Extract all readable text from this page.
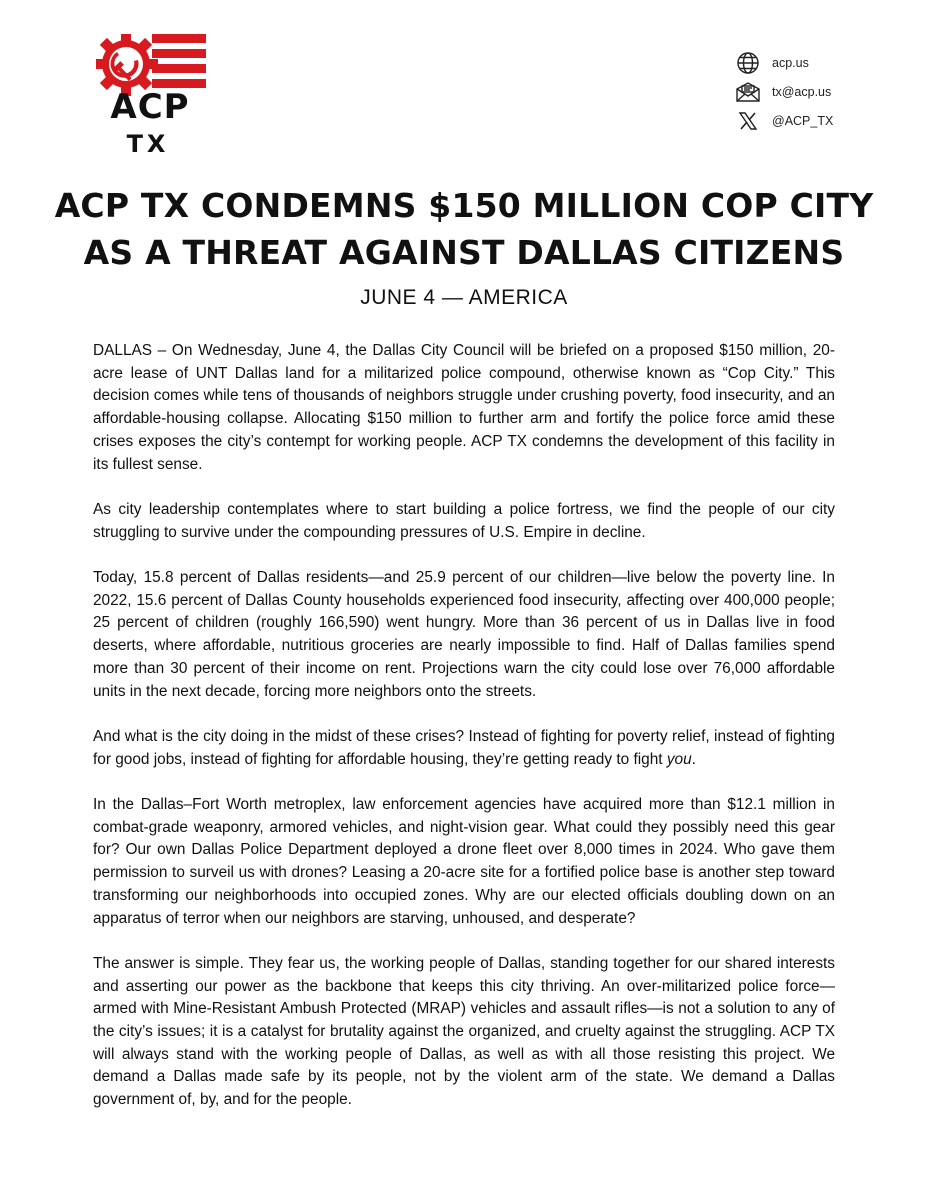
ACP
TX
acp.us
tx@acp.us
@ACP_TX
ACP TX CONDEMNS $150 MILLION COP CITY
AS A THREAT AGAINST DALLAS CITIZENS
JUNE 4 — AMERICA

DALLAS – On Wednesday, June 4, the Dallas City Council will be briefed on a proposed $150 million, 20-acre lease of UNT Dallas land for a militarized police compound, otherwise known as “Cop City.” This decision comes while tens of thousands of neighbors struggle under crushing poverty, food insecurity, and an affordable-housing collapse. Allocating $150 million to further arm and fortify the police force amid these crises exposes the city’s contempt for working people. ACP TX condemns the development of this facility in its fullest sense.

As city leadership contemplates where to start building a police fortress, we find the people of our city struggling to survive under the compounding pressures of U.S. Empire in decline.

Today, 15.8 percent of Dallas residents—and 25.9 percent of our children—live below the poverty line. In 2022, 15.6 percent of Dallas County households experienced food insecurity, affecting over 400,000 people; 25 percent of children (roughly 166,590) went hungry. More than 36 percent of us in Dallas live in food deserts, where affordable, nutritious groceries are nearly impossible to find. Half of Dallas families spend more than 30 percent of their income on rent. Projections warn the city could lose over 76,000 affordable units in the next decade, forcing more neighbors onto the streets.

And what is the city doing in the midst of these crises? Instead of fighting for poverty relief, instead of fighting for good jobs, instead of fighting for affordable housing, they’re getting ready to fight you.

In the Dallas–Fort Worth metroplex, law enforcement agencies have acquired more than $12.1 million in combat-grade weaponry, armored vehicles, and night-vision gear. What could they possibly need this gear for? Our own Dallas Police Department deployed a drone fleet over 8,000 times in 2024. Who gave them permission to surveil us with drones? Leasing a 20-acre site for a fortified police base is another step toward transforming our neighborhoods into occupied zones. Why are our elected officials doubling down on an apparatus of terror when our neighbors are starving, unhoused, and desperate?

The answer is simple. They fear us, the working people of Dallas, standing together for our shared interests and asserting our power as the backbone that keeps this city thriving. An over-militarized police force—armed with Mine-Resistant Ambush Protected (MRAP) vehicles and assault rifles—is not a solution to any of the city’s issues; it is a catalyst for brutality against the organized, and cruelty against the struggling. ACP TX will always stand with the working people of Dallas, as well as with all those resisting this project. We demand a Dallas made safe by its people, not by the violent arm of the state. We demand a Dallas government of, by, and for the people.
